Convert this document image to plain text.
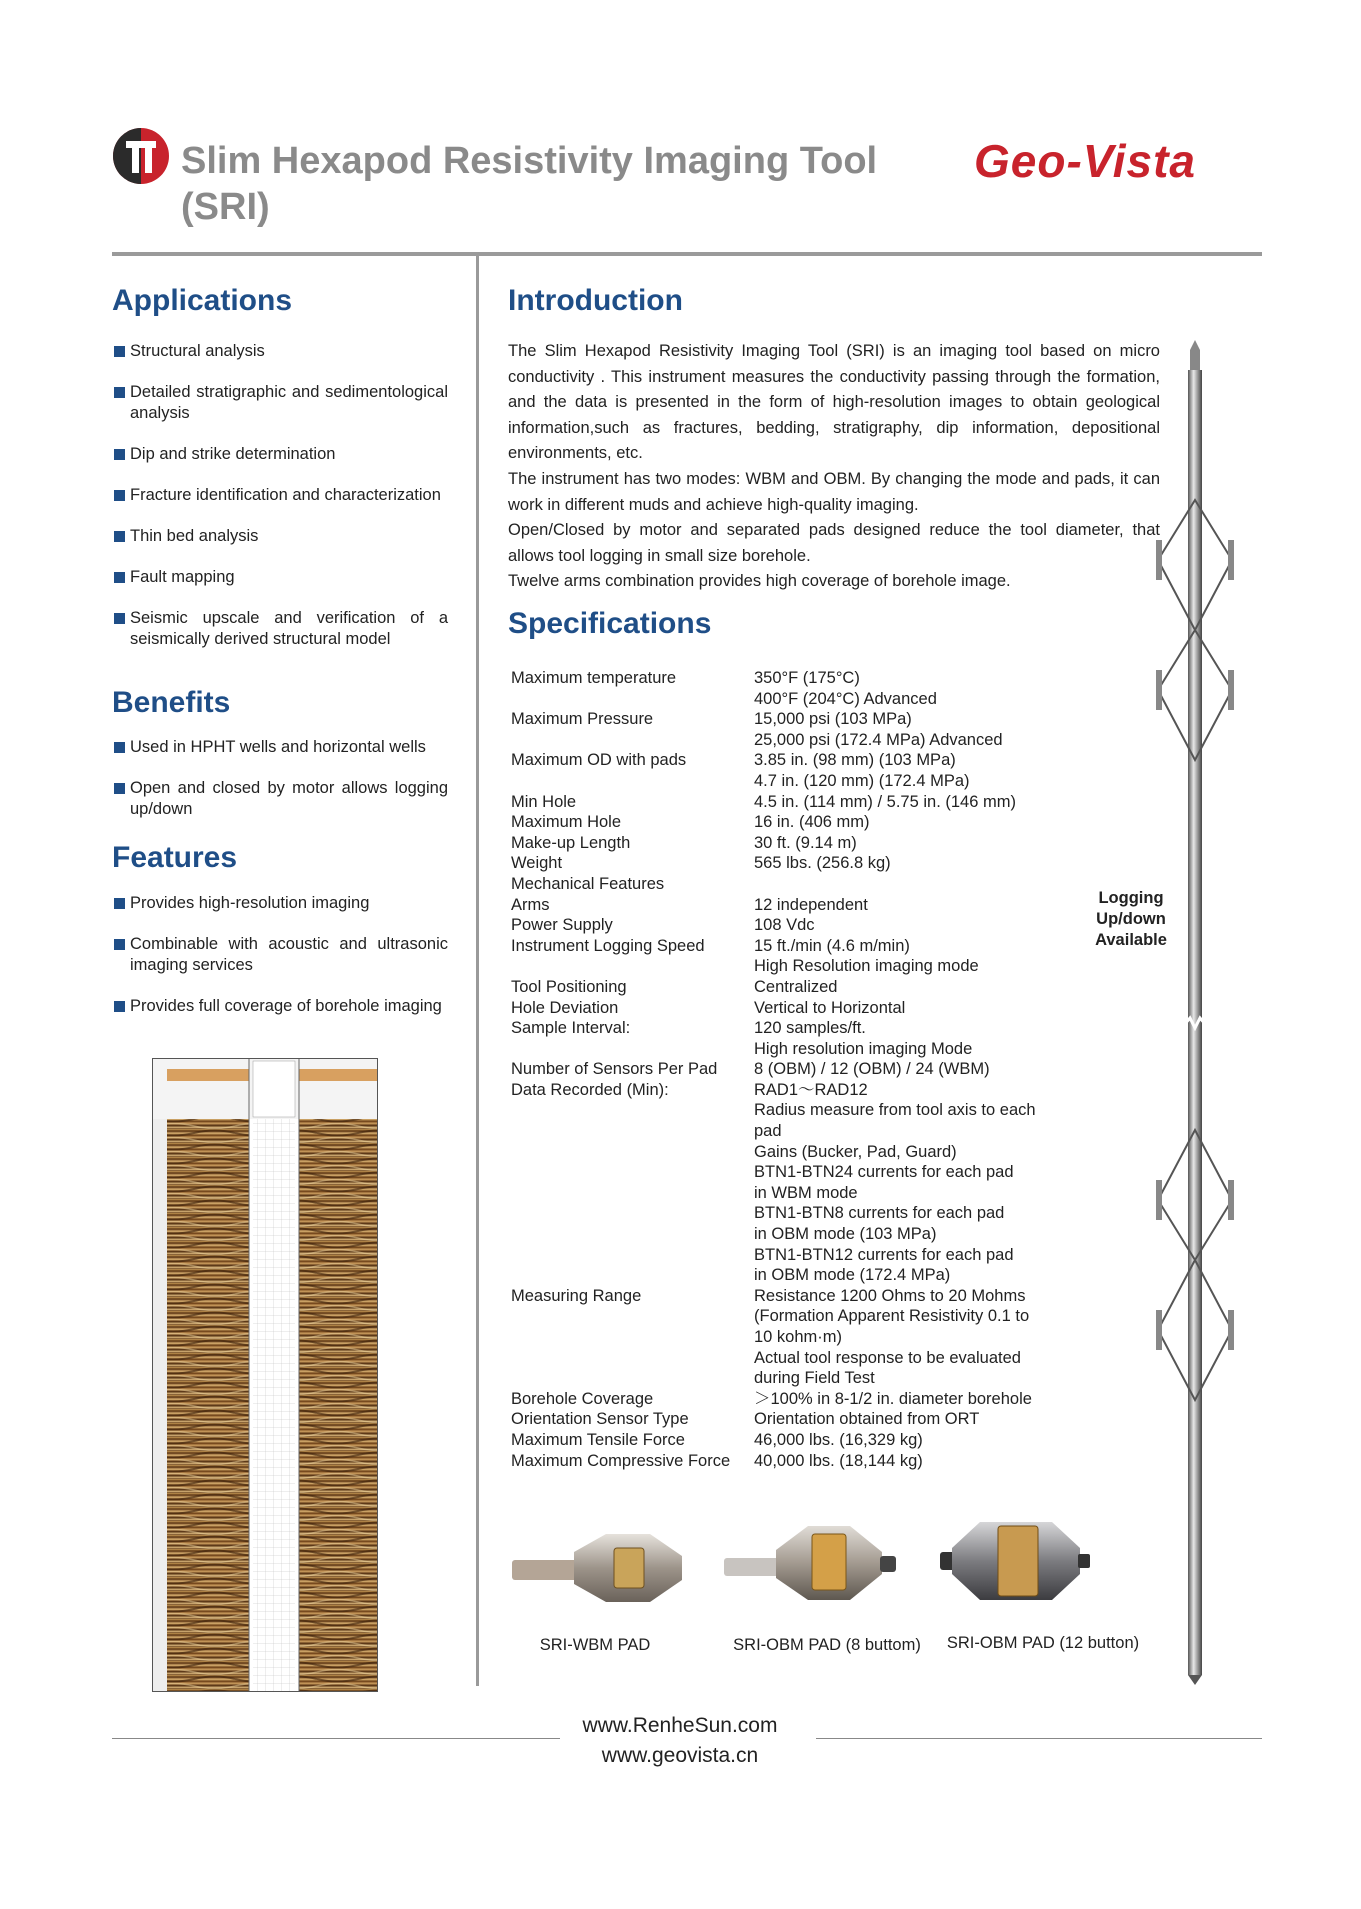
Slim Hexapod Resistivity Imaging Tool
(SRI)
Geo-Vista
Applications
Structural analysis
Detailed stratigraphic and sedimentological analysis
Dip and strike determination
Fracture identification and characterization
Thin bed analysis
Fault mapping
Seismic upscale and verification of a seismically derived structural model
Benefits
Used in HPHT wells and horizontal wells
Open and closed by motor allows logging up/down
Features
Provides high-resolution imaging
Combinable with acoustic and ultrasonic imaging services
Provides full coverage of borehole imaging
Introduction

The Slim Hexapod Resistivity Imaging Tool (SRI) is an imaging tool based on micro conductivity . This instrument measures the conductivity passing through the formation, and the data is presented in the form of high-resolution images to obtain geological information,such as fractures, bedding, stratigraphy, dip information, depositional environments, etc.

The instrument has two modes: WBM and OBM. By changing the mode and pads, it can work in different muds and achieve high-quality imaging.

Open/Closed by motor and separated pads designed reduce the tool diameter, that allows tool logging in small size borehole.

Twelve arms combination provides high coverage of borehole image.

Specifications
Maximum temperature	350°F (175°C)
400°F (204°C) Advanced
Maximum Pressure	15,000 psi (103 MPa)
25,000 psi (172.4 MPa) Advanced
Maximum OD with pads	3.85 in. (98 mm) (103 MPa)
4.7 in. (120 mm) (172.4 MPa)
Min Hole	4.5 in. (114 mm) / 5.75 in. (146 mm)
Maximum Hole	16 in. (406 mm)
Make-up Length	30 ft. (9.14 m)
Weight	565 lbs. (256.8 kg)
Mechanical Features
Arms	12 independent
Power Supply	108 Vdc
Instrument Logging Speed	15 ft./min (4.6 m/min)
High Resolution imaging mode
Tool Positioning	Centralized
Hole Deviation	Vertical to Horizontal
Sample Interval:	120 samples/ft.
High resolution imaging Mode
Number of Sensors Per Pad	8 (OBM) / 12 (OBM) / 24 (WBM)
Data Recorded (Min):	RAD1～RAD12
Radius measure from tool axis to each
pad
Gains (Bucker, Pad, Guard)
BTN1-BTN24 currents for each pad
in WBM mode
BTN1-BTN8 currents for each pad
in OBM mode (103 MPa)
BTN1-BTN12 currents for each pad
in OBM mode (172.4 MPa)
Measuring Range	Resistance 1200 Ohms to 20 Mohms
(Formation Apparent Resistivity 0.1 to
10 kohm·m)
Actual tool response to be evaluated
during Field Test
Borehole Coverage	＞100% in 8-1/2 in. diameter borehole
Orientation Sensor Type	Orientation obtained from ORT
Maximum Tensile Force	46,000 lbs. (16,329 kg)
Maximum Compressive Force	40,000 lbs. (18,144 kg)
SRI-WBM PAD	SRI-OBM PAD (8 buttom)	SRI-OBM PAD (12 button)
Logging Up/down Available
www.RenheSun.com
www.geovista.cn
